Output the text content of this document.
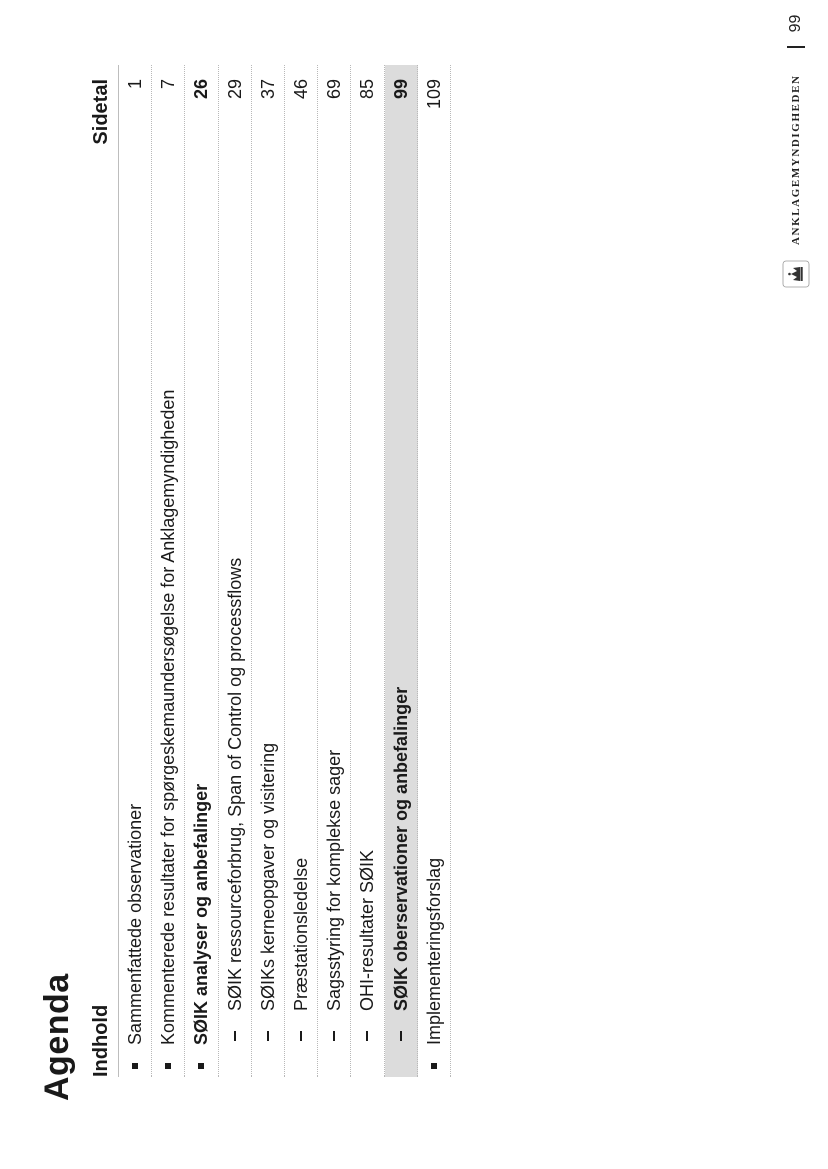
Agenda Indhold
Sidetal
Sammenfattede observationer
1
Kommenterede resultater for spørgeskemaundersøgelse for Anklagemyndigheden
7
SØIK analyser og anbefalinger
26
SØIK ressourceforbrug, Span of Control og processflows
29
SØIKs kerneopgaver og visitering
37
Præstationsledelse
46
Sagsstyring for komplekse sager
69
OHI-resultater SØIK
85
SØIK oberservationer og anbefalinger
99
Implementeringsforslag
109	ANKLAGEMYNDIGHEDEN
99
